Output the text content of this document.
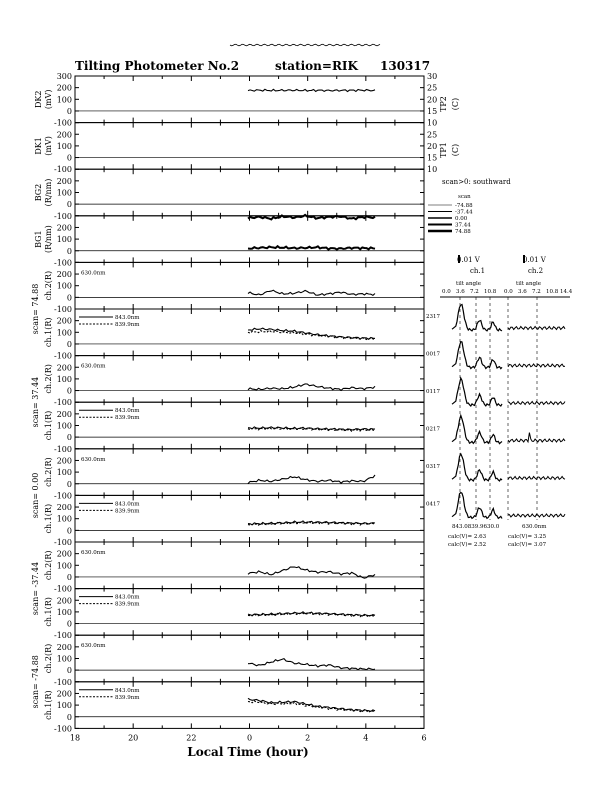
Tilting Photometer No.2	station=RIK 130317
-100
0
100
200
300
DK2 (mV)
-100
0
100
200
DK1 (mV)
-100
0
100
200
BG2 (R/nm)
-100
0
100
200
BG1 (R/nm)
-100
0
100
200
ch.2(R)	630.0nm
-100
0
100
200
ch.1(R)	843.0nm
839.9nm
-100
0
100
200
ch.2(R)	630.0nm
-100
0
100
200
ch.1(R)	843.0nm
839.9nm
-100
0
100
200
ch.2(R)	630.0nm
-100
0
100
200
ch.1(R)	843.0nm
839.9nm
-100
0
100
200
ch.2(R)	630.0nm
-100
0
100
200
ch.1(R)	843.0nm
839.9nm
-100
0
100
200
ch.2(R)	630.0nm
-100
0
100
200
ch.1(R)	843.0nm
839.9nm
scan= 74.88
scan= 37.44
scan= 0.00
scan= -37.44
scan= -74.88
18	20	22	0	2	4	6
Local Time (hour)
30
25
20
15
10
25
20
15
10
TP2 (C)
TP1 (C)
scan>0: southward
scan
-74.88
-37.44
0.00
37.44
74.88
0.01 V	0.01 V
ch.1	ch.2
tilt angle	tilt angle
0.0 3.6 7.2 10.8 0.0 3.6 7.2 10.8 14.4
2317
0017
0117
0217
0317
0417
843.0839.9630.0	630.0nm
calc(V)= 2.63
calc(V)= 2.52
calc(V)= 3.25
calc(V)= 3.07
